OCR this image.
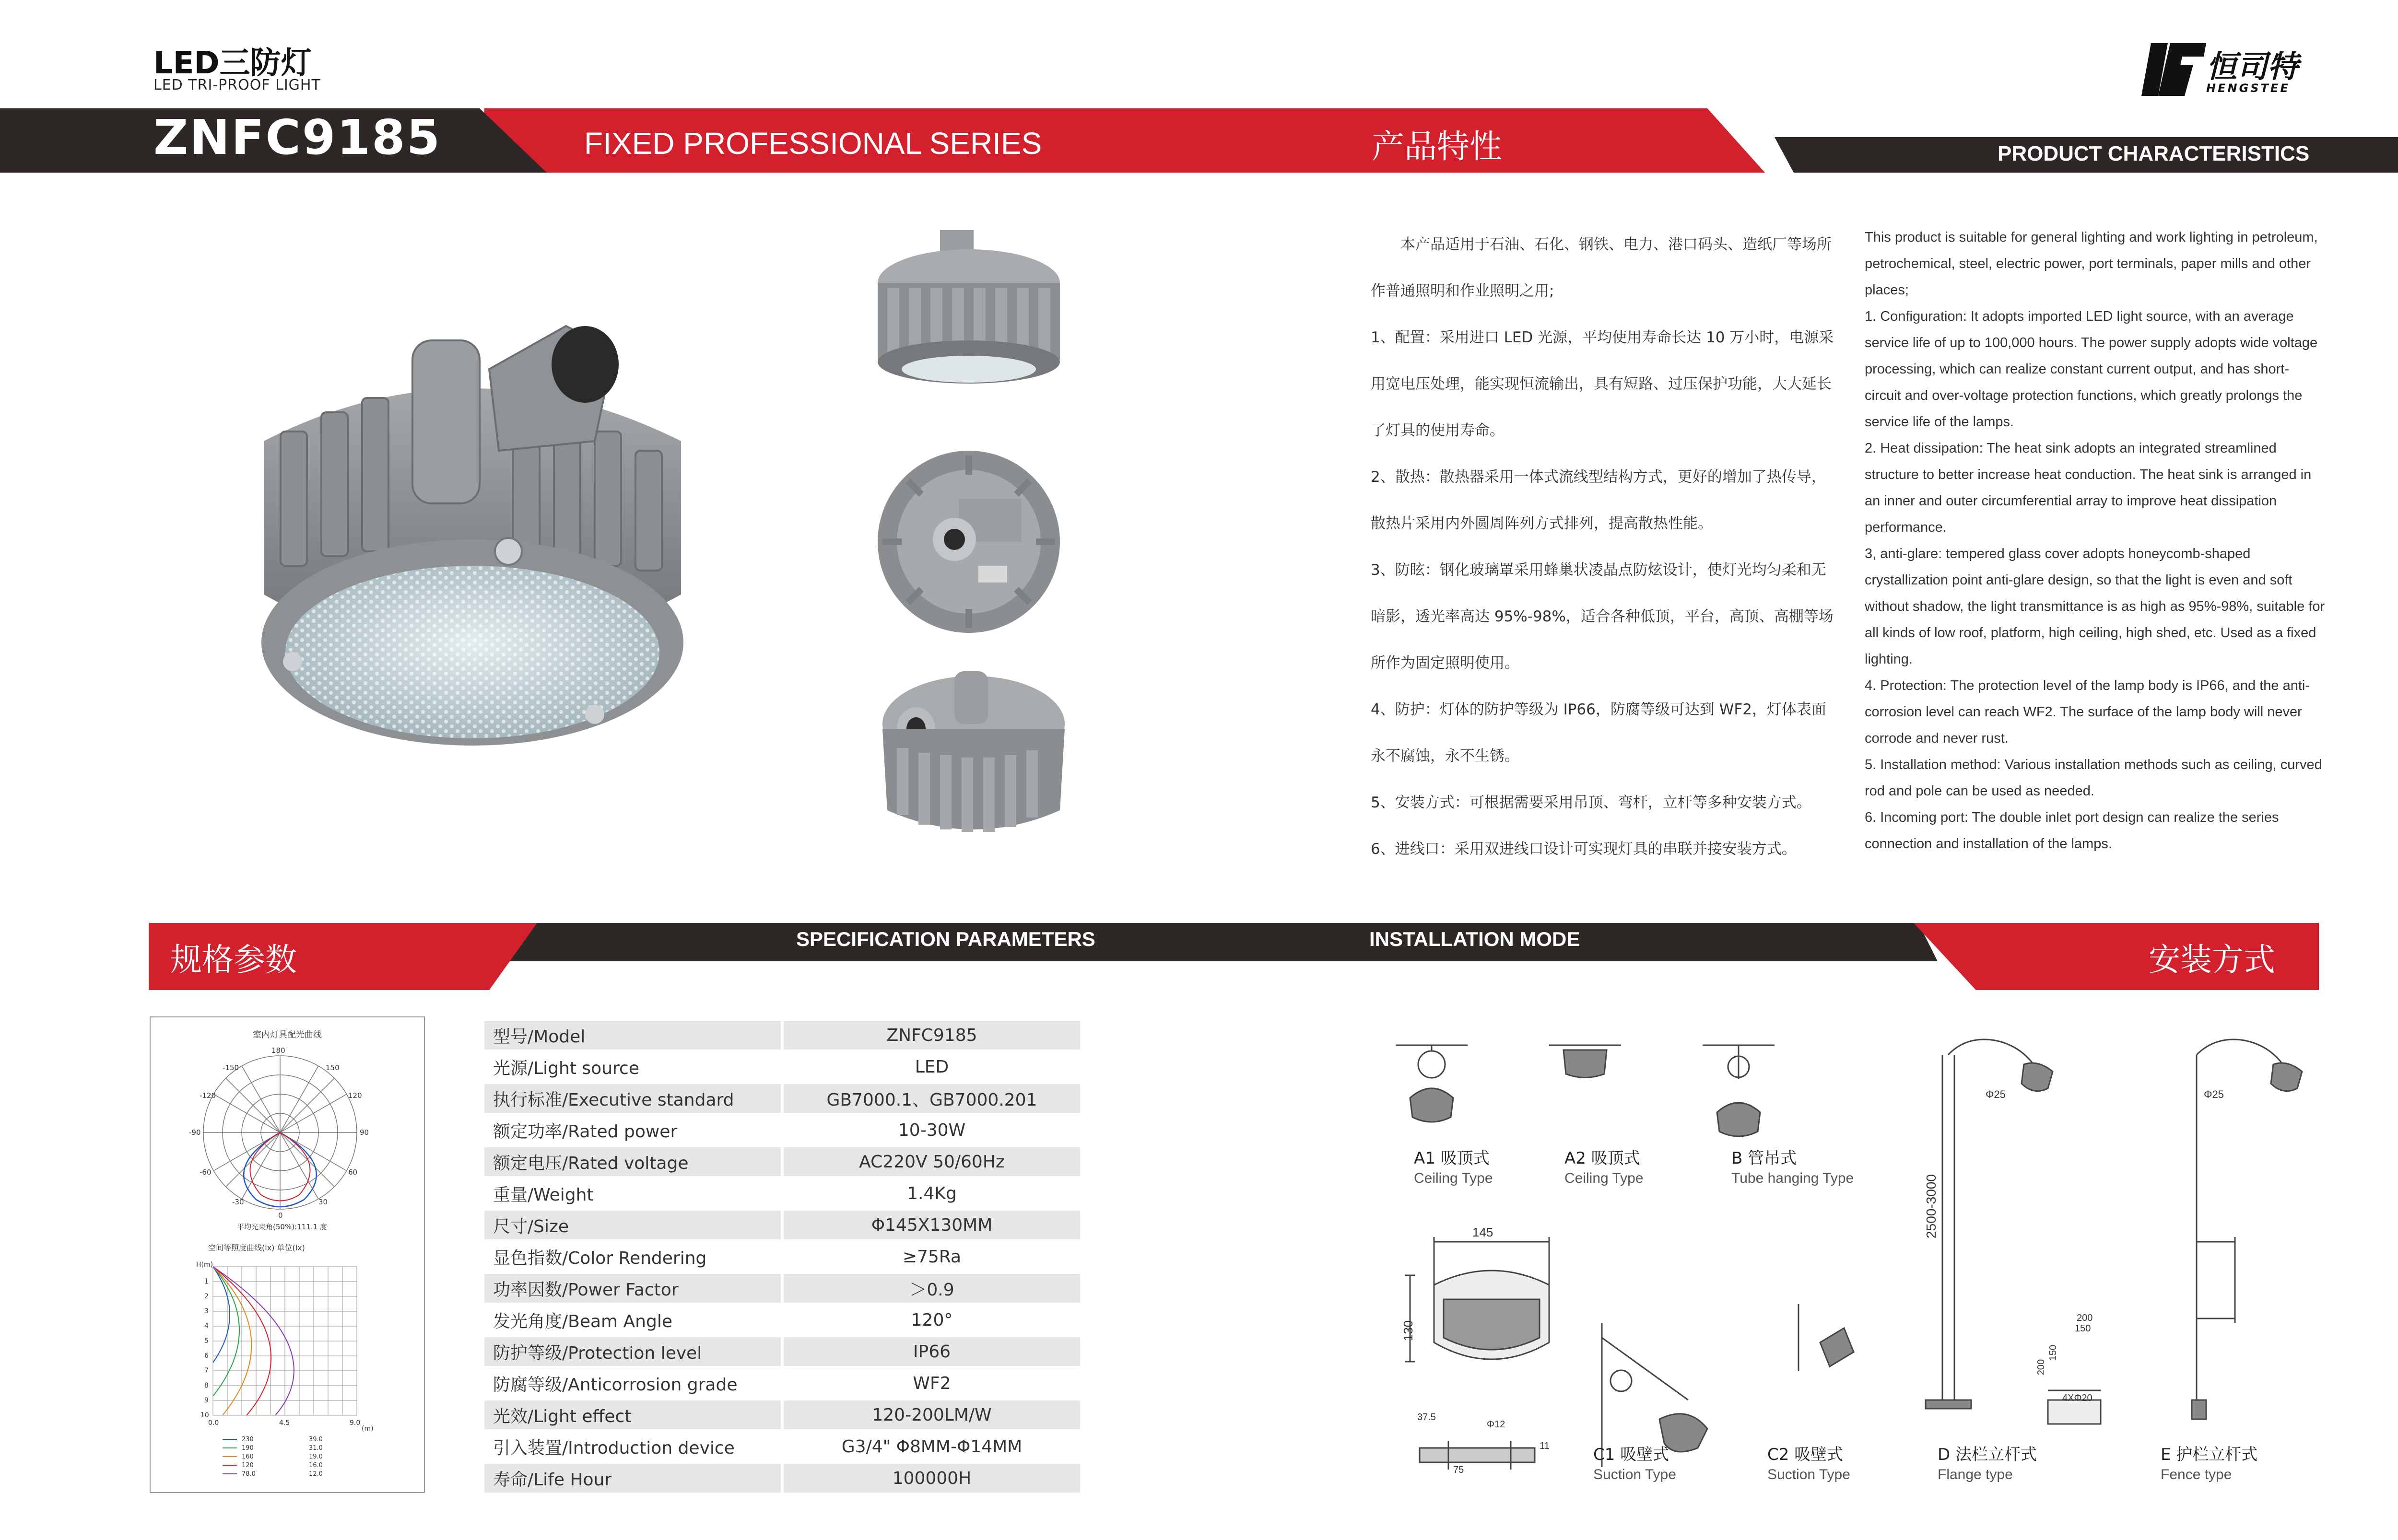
LED三防灯
LED TRI-PROOF LIGHT
恒司特
HENGSTEE
ZNFC9185	FIXED PROFESSIONAL SERIES	产品特性	PRODUCT CHARACTERISTICS

本产品适用于石油、石化、钢铁、电力、港口码头、造纸厂等场所作普通照明和作业照明之用;

1、配置：采用进口 LED 光源，平均使用寿命长达 10 万小时，电源采用宽电压处理，能实现恒流输出，具有短路、过压保护功能，大大延长了灯具的使用寿命。

2、散热：散热器采用一体式流线型结构方式，更好的增加了热传导，散热片采用内外圆周阵列方式排列，提高散热性能。

3、防眩：钢化玻璃罩采用蜂巢状凌晶点防炫设计，使灯光均匀柔和无暗影，透光率高达 95%-98%，适合各种低顶，平台，高顶、高棚等场所作为固定照明使用。

4、防护：灯体的防护等级为 IP66，防腐等级可达到 WF2，灯体表面永不腐蚀，永不生锈。

5、安装方式：可根据需要采用吊顶、弯杆，立杆等多种安装方式。

6、进线口：采用双进线口设计可实现灯具的串联并接安装方式。

This product is suitable for general lighting and work lighting in petroleum, petrochemical, steel, electric power, port terminals, paper mills and other places;

1. Configuration: It adopts imported LED light source, with an average service life of up to 100,000 hours. The power supply adopts wide voltage processing, which can realize constant current output, and has short-circuit and over-voltage protection functions, which greatly prolongs the service life of the lamps.

2. Heat dissipation: The heat sink adopts an integrated streamlined structure to better increase heat conduction. The heat sink is arranged in an inner and outer circumferential array to improve heat dissipation performance.

3, anti-glare: tempered glass cover adopts honeycomb-shaped crystallization point anti-glare design, so that the light is even and soft without shadow, the light transmittance is as high as 95%-98%, suitable for all kinds of low roof, platform, high ceiling, high shed, etc. Used as a fixed lighting.

4. Protection: The protection level of the lamp body is IP66, and the anti-corrosion level can reach WF2. The surface of the lamp body will never corrode and never rust.

5. Installation method: Various installation methods such as ceiling, curved rod and pole can be used as needed.

6. Incoming port: The double inlet port design can realize the series connection and installation of the lamps.

规格参数
SPECIFICATION PARAMETERS	INSTALLATION MODE
安装方式
室内灯具配光曲线
180
-150	150
-120	120
-90	90
-60	60
-30	30
0
平均光束角(50%):111.1 度
空间等照度曲线(lx) 单位(lx)
H(m)
1
2
3
4
5
6
7
8
9
10
0.0	4.5	9.0
(m)
230	39.0
190	31.0
160	19.0
120	16.0
78.0	12.0
型号/Model	ZNFC9185
光源/Light source	LED
执行标准/Executive standard	GB7000.1、GB7000.201
额定功率/Rated power	10-30W
额定电压/Rated voltage	AC220V 50/60Hz
重量/Weight	1.4Kg
尺寸/Size	Φ145X130MM
显色指数/Color Rendering	≥75Ra
功率因数/Power Factor	＞0.9
发光角度/Beam Angle	120°
防护等级/Protection level	IP66
防腐等级/Anticorrosion grade	WF2
光效/Light effect	120-200LM/W
引入装置/Introduction device	G3/4" Φ8MM-Φ14MM
寿命/Life Hour	100000H
A1 吸顶式
Ceiling Type
A2 吸顶式
Ceiling Type
B 管吊式
Tube hanging Type
C1 吸壁式
Suction Type
C2 吸壁式
Suction Type
D 法栏立杆式
Flange type
E 护栏立杆式
Fence type
145
130
37.5
Φ12
11
75
Φ25	Φ25
2500-3000
200
150
200
150
4XΦ20
